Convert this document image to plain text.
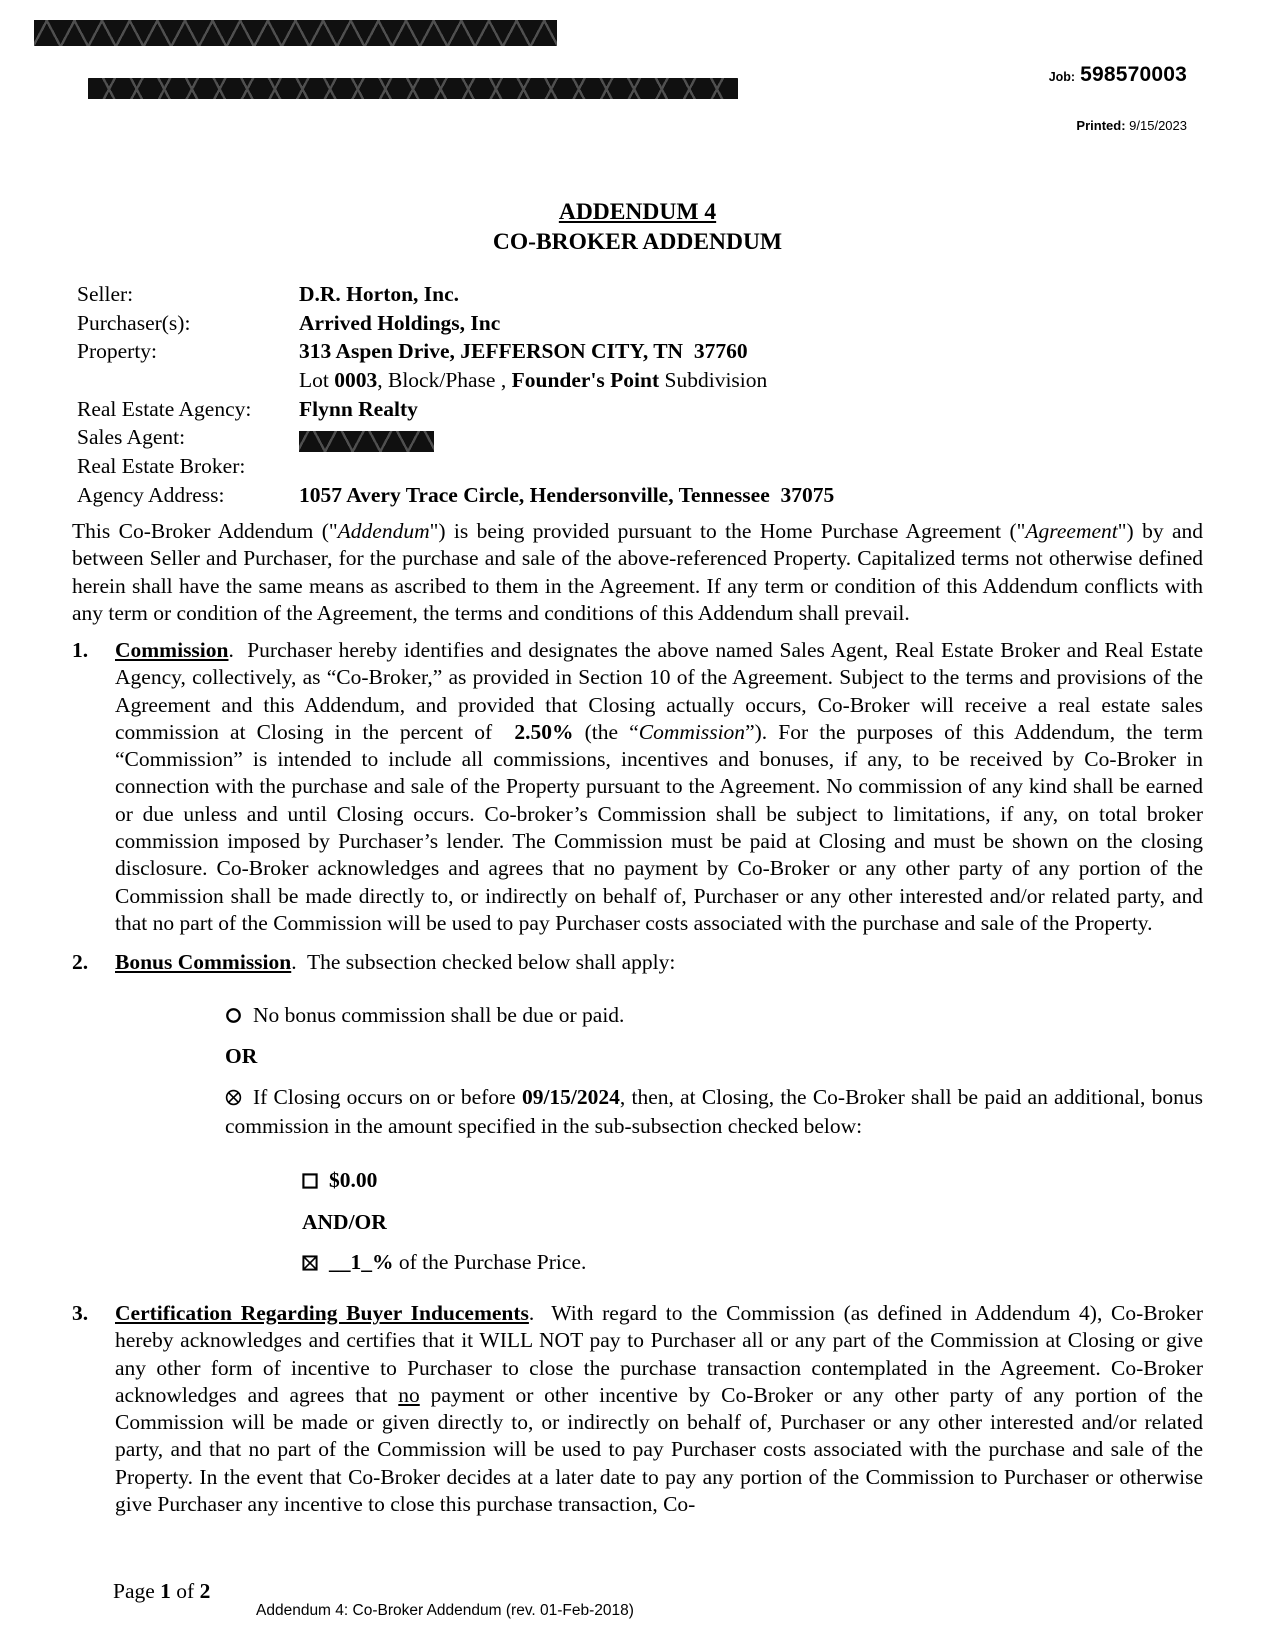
Job: 598570003
Printed: 9/15/2023
ADDENDUM 4
CO-BROKER ADDENDUM
Seller:	D.R. Horton, Inc.
Purchaser(s):	Arrived Holdings, Inc
Property:	313 Aspen Drive, JEFFERSON CITY, TN  37760
Lot 0003, Block/Phase , Founder's Point Subdivision
Real Estate Agency:	Flynn Realty
Sales Agent:
Real Estate Broker:
Agency Address:	1057 Avery Trace Circle, Hendersonville, Tennessee  37075
This Co-Broker Addendum ("Addendum") is being provided pursuant to the Home Purchase Agreement ("Agreement") by and between Seller and Purchaser, for the purchase and sale of the above-referenced Property. Capitalized terms not otherwise defined herein shall have the same means as ascribed to them in the Agreement. If any term or condition of this Addendum conflicts with any term or condition of the Agreement, the terms and conditions of this Addendum shall prevail.
1. Commission.  Purchaser hereby identifies and designates the above named Sales Agent, Real Estate Broker and Real Estate Agency, collectively, as “Co-Broker,” as provided in Section 10 of the Agreement. Subject to the terms and provisions of the Agreement and this Addendum, and provided that Closing actually occurs, Co-Broker will receive a real estate sales commission at Closing in the percent of  2.50% (the “Commission”). For the purposes of this Addendum, the term “Commission” is intended to include all commissions, incentives and bonuses, if any, to be received by Co-Broker in connection with the purchase and sale of the Property pursuant to the Agreement. No commission of any kind shall be earned or due unless and until Closing occurs. Co-broker’s Commission shall be subject to limitations, if any, on total broker commission imposed by Purchaser’s lender. The Commission must be paid at Closing and must be shown on the closing disclosure. Co-Broker acknowledges and agrees that no payment by Co-Broker or any other party of any portion of the Commission shall be made directly to, or indirectly on behalf of, Purchaser or any other interested and/or related party, and that no part of the Commission will be used to pay Purchaser costs associated with the purchase and sale of the Property.
2. Bonus Commission.  The subsection checked below shall apply:
No bonus commission shall be due or paid.
OR
If Closing occurs on or before 09/15/2024, then, at Closing, the Co-Broker shall be paid an additional, bonus commission in the amount specified in the sub-subsection checked below:
$0.00
AND/OR
__1_% of the Purchase Price.
3. Certification Regarding Buyer Inducements.  With regard to the Commission (as defined in Addendum 4), Co-Broker hereby acknowledges and certifies that it WILL NOT pay to Purchaser all or any part of the Commission at Closing or give any other form of incentive to Purchaser to close the purchase transaction contemplated in the Agreement. Co-Broker acknowledges and agrees that no payment or other incentive by Co-Broker or any other party of any portion of the Commission will be made or given directly to, or indirectly on behalf of, Purchaser or any other interested and/or related party, and that no part of the Commission will be used to pay Purchaser costs associated with the purchase and sale of the Property. In the event that Co-Broker decides at a later date to pay any portion of the Commission to Purchaser or otherwise give Purchaser any incentive to close this purchase transaction, Co-
Page 1 of 2
Addendum 4: Co-Broker Addendum (rev. 01-Feb-2018)
